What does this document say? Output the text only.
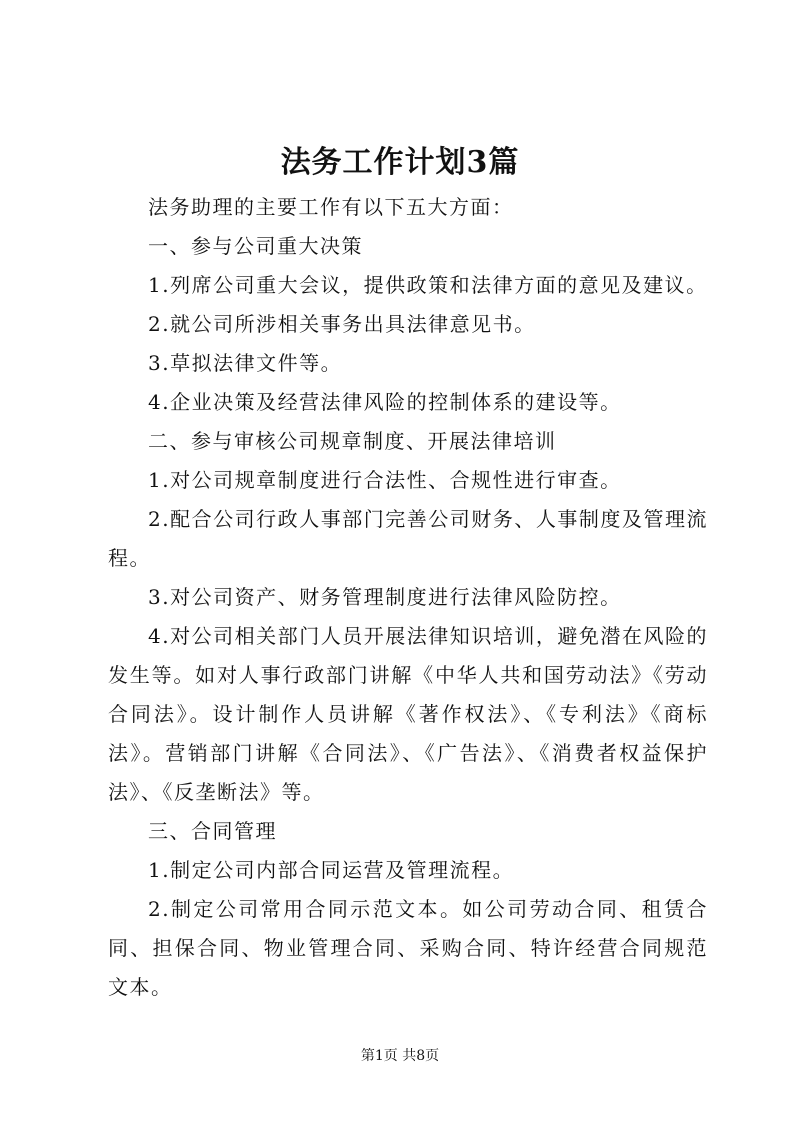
法务工作计划3篇

法务助理的主要工作有以下五大方面：

一、参与公司重大决策

1.列席公司重大会议，提供政策和法律方面的意见及建议。

2.就公司所涉相关事务出具法律意见书。

3.草拟法律文件等。

4.企业决策及经营法律风险的控制体系的建设等。

二、参与审核公司规章制度、开展法律培训

1.对公司规章制度进行合法性、合规性进行审查。

2.配合公司行政人事部门完善公司财务、人事制度及管理流程。

3.对公司资产、财务管理制度进行法律风险防控。

4.对公司相关部门人员开展法律知识培训，避免潜在风险的发生等。如对人事行政部门讲解《中华人共和国劳动法》《劳动合同法》。设计制作人员讲解《著作权法》、《专利法》《商标法》。营销部门讲解《合同法》、《广告法》、《消费者权益保护法》、《反垄断法》等。

三、合同管理

1.制定公司内部合同运营及管理流程。

2.制定公司常用合同示范文本。如公司劳动合同、租赁合同、担保合同、物业管理合同、采购合同、特许经营合同规范文本。

第1页 共8页
